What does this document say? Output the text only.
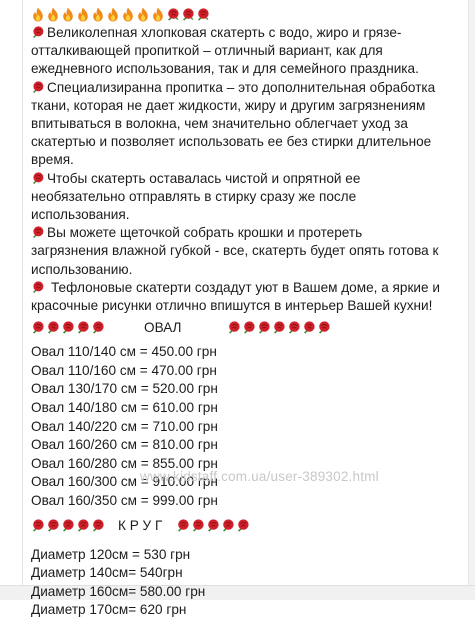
Великолепная хлопковая скатерть с водо, жиро и грязе-отталкивающей пропиткой – отличный вариант, как для ежедневного использования, так и для семейного праздника.

Специализиранна пропитка – это дополнительная обработка ткани, которая не дает жидкости, жиру и другим загрязнениям впитываться в волокна, чем значительно облегчает уход за скатертью и позволяет использовать ее без стирки длительное время.

Чтобы скатерть оставалась чистой и опрятной ее необязательно отправлять в стирку сразу же после использования.

Вы можете щеточкой собрать крошки и протереть загрязнения влажной губкой - все, скатерть будет опять готова к использованию.

Тефлоновые скатерти создадут уют в Вашем доме, а яркие и красочные рисунки отлично впишутся в интерьер Вашей кухни!

ОВАЛ
Овал 110/140 см = 450.00 грн
Овал 110/160 см = 470.00 грн
Овал 130/170 см = 520.00 грн
Овал 140/180 см = 610.00 грн
Овал 140/220 см = 710.00 грн
Овал 160/260 см = 810.00 грн
Овал 160/280 см = 855.00 грн
Овал 160/300 см = 910.00 грн
Овал 160/350 см = 999.00 грн
К Р У Г
Диаметр 120см = 530 грн
Диаметр 140см= 540грн
Диаметр 160см= 580.00 грн
Диаметр 170см= 620 грн
www.kidstaff.com.ua/user-389302.html
